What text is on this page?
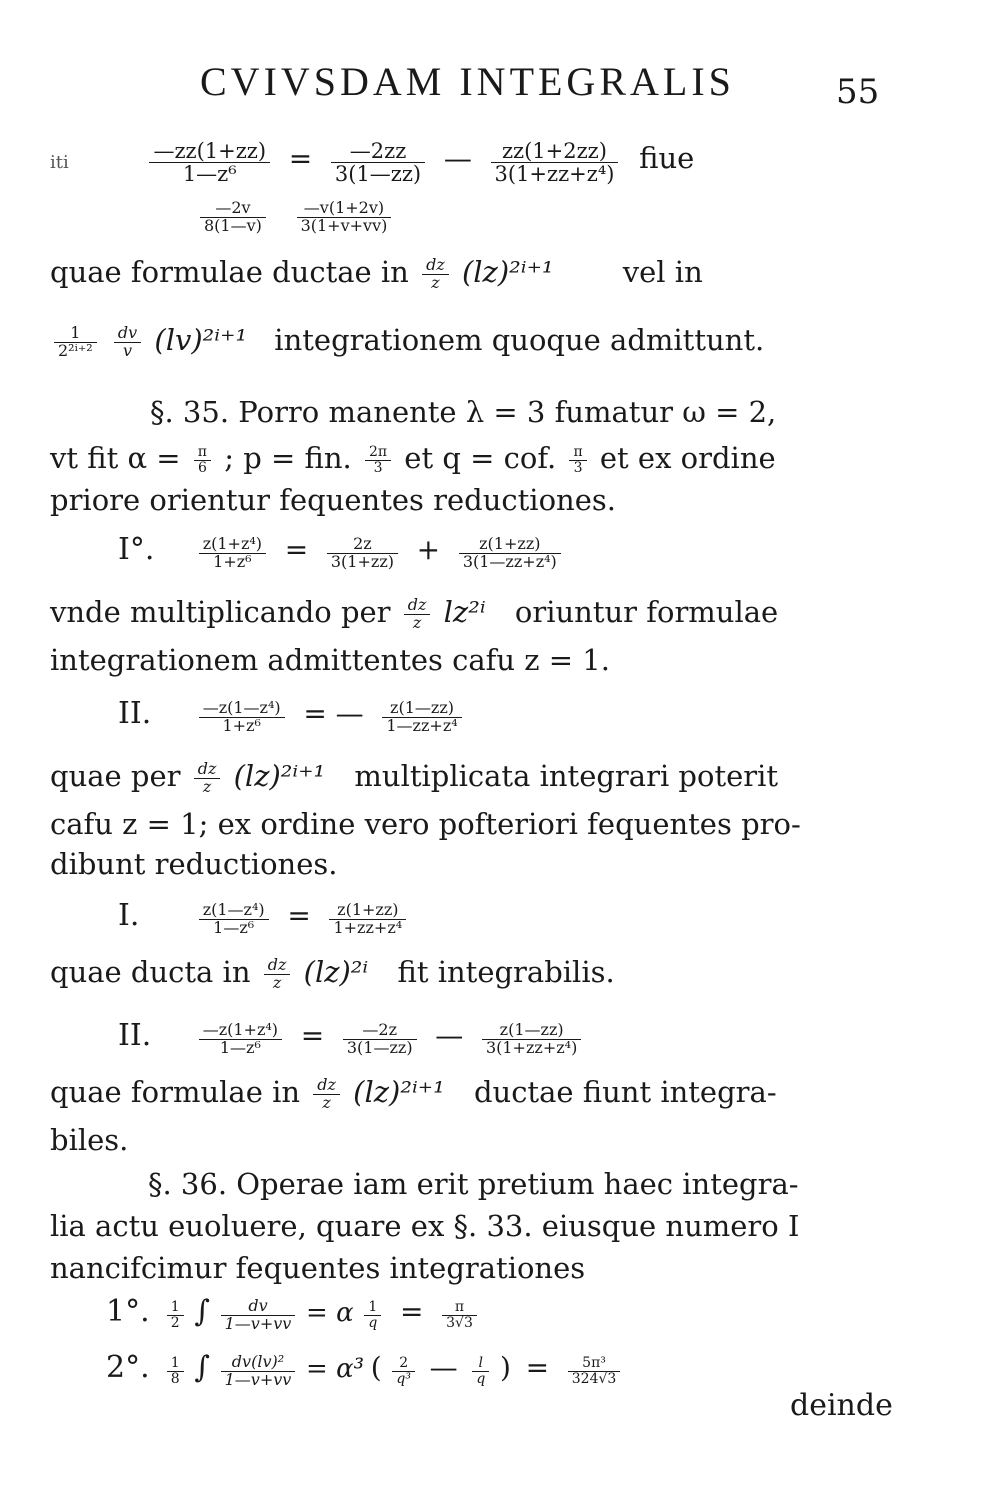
CVIVSDAM INTEGRALIS	55
iti	$\frac{—zz(1+zz)}{\text{1—z⁶}} = \frac{—2zz}{3(1—zz)}$ — $\frac{zz(1+2zz)}{\text{3(1+zz+z⁴)}}$ fiue
$\frac{—2v}{8(1—v)}$
$\frac{—v(1+2v)}{3(1+v+vv)}$
quae formulae ductae in $\frac{dz}{z} (lz)^{2i+1}$ vel in
$\frac{1}{\text{2²ⁱ⁺²}}$
$\frac{dv}{v} (lv)^{2i+1}$ integrationem quoque admittunt.
§. 35. Porro manente λ = 3 fumatur ω = 2,
vt fit $\alpha = \frac{\pi}{6}$ ; p = fin. $\frac{2\pi}{3}$ et q = cof. $\frac{\pi}{3}$ et ex ordine
priore orientur fequentes reductiones.
I°.	$\frac{\text{z(1+z⁴)}}{\text{1+z⁶}} = \frac{2z}{3(1+zz)} + \frac{z(1+zz)}{\text{3(1—zz+z⁴)}}$
vnde multiplicando per $\frac{dz}{z} lz^{2i}$ oriuntur formulae
integrationem admittentes cafu z = 1.
II.	$\frac{\text{—z(1—z⁴)}}{\text{1+z⁶}}$ = — $\frac{z(1—zz)}{\text{1—zz+z⁴}}$
quae per $\frac{dz}{z} (lz)^{2i+1}$ multiplicata integrari poterit
cafu z = 1; ex ordine vero pofteriori fequentes pro-
dibunt reductiones.
I.	$\frac{\text{z(1—z⁴)}}{\text{1—z⁶}} = \frac{z(1+zz)}{\text{1+zz+z⁴}}$
quae ducta in $\frac{dz}{z} (lz)^{2i}$ fit integrabilis.
II.	$\frac{\text{—z(1+z⁴)}}{\text{1—z⁶}} = \frac{—2z}{3(1—zz)}$ — $\frac{z(1—zz)}{\text{3(1+zz+z⁴)}}$
quae formulae in $\frac{dz}{z} (lz)^{2i+1}$ ductae fiunt integra-
biles.
§. 36. Operae iam erit pretium haec integra-
lia actu euoluere, quare ex §. 33. eiusque numero I
nancifcimur fequentes integrationes
1°. $\frac{1}{2}$ ∫ $\frac{dv}{1—v+vv} = \alpha \frac{1}{q} = \frac{\pi}{3√3}$
2°. $\frac{1}{8}$ ∫ $\frac{\text{dv(lv)²}}{1—v+vv} = \alpha^3$ ( $\frac{2}{\text{q³}}$ — $\frac{l}{q}$ ) = $\frac{\text{5π³}}{324√3}$
deinde
